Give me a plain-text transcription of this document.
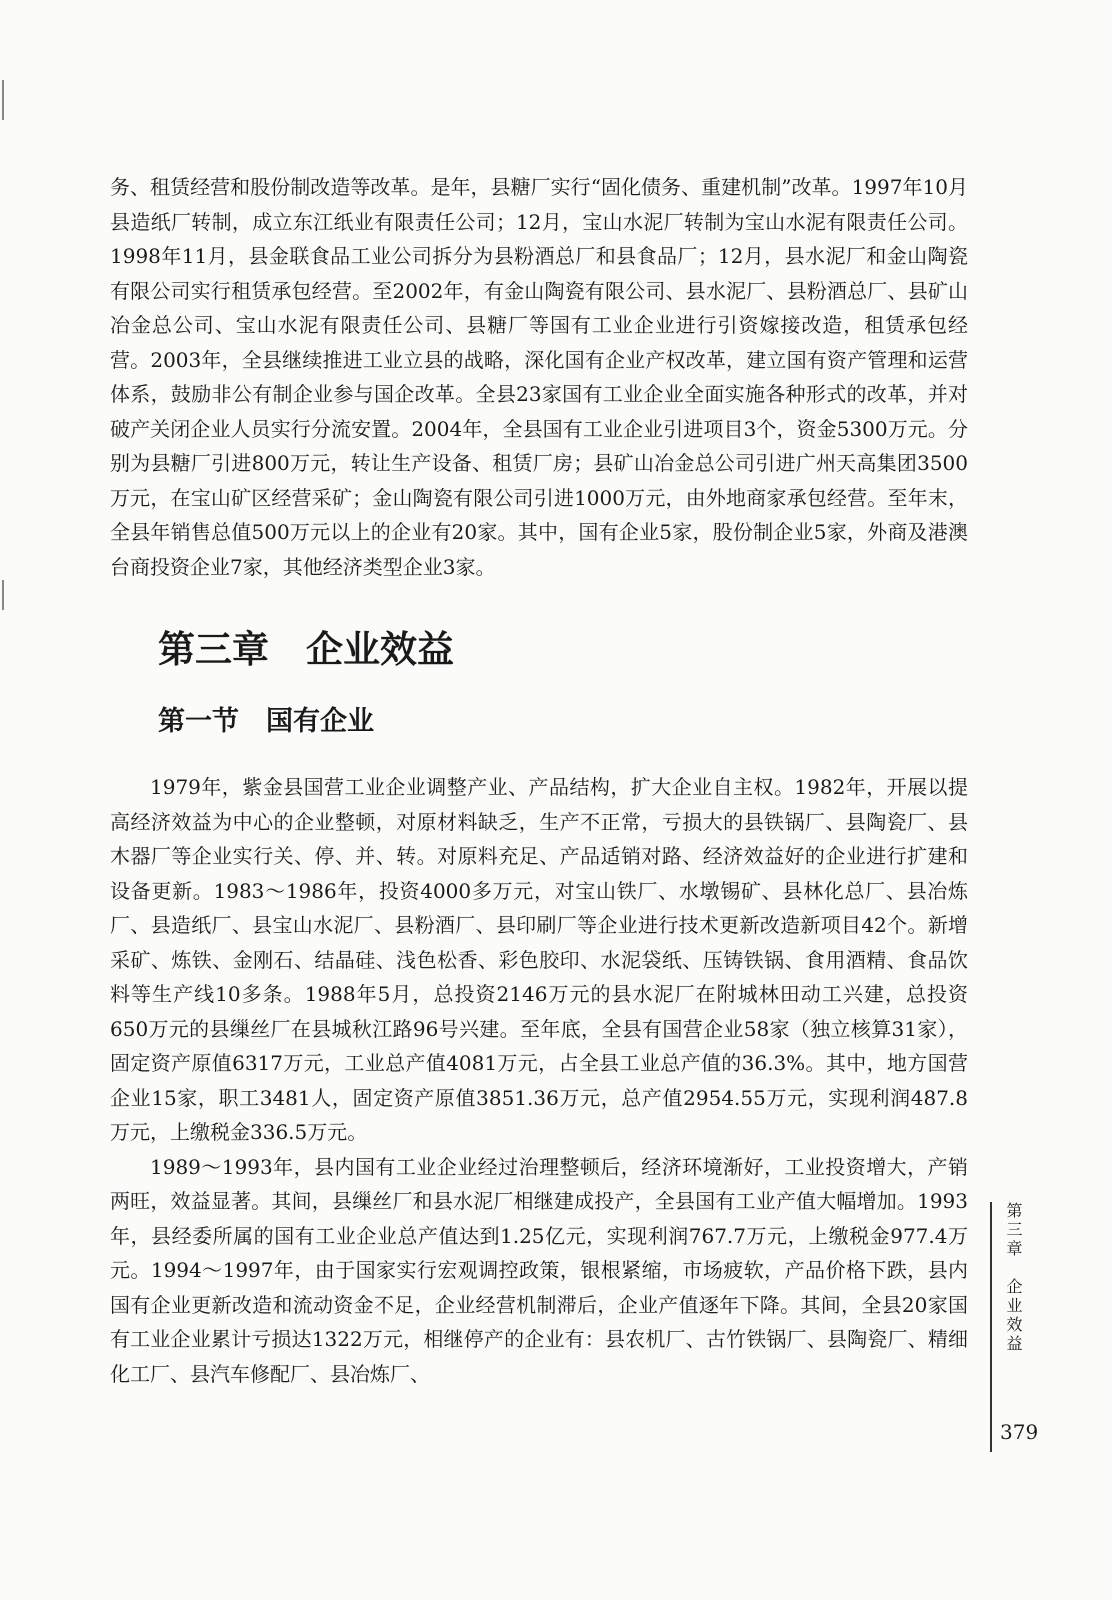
务、租赁经营和股份制改造等改革。是年，县糖厂实行“固化债务、重建机制”改革。1997年10月县造纸厂转制，成立东江纸业有限责任公司；12月，宝山水泥厂转制为宝山水泥有限责任公司。1998年11月，县金联食品工业公司拆分为县粉酒总厂和县食品厂；12月，县水泥厂和金山陶瓷有限公司实行租赁承包经营。至2002年，有金山陶瓷有限公司、县水泥厂、县粉酒总厂、县矿山冶金总公司、宝山水泥有限责任公司、县糖厂等国有工业企业进行引资嫁接改造，租赁承包经营。2003年，全县继续推进工业立县的战略，深化国有企业产权改革，建立国有资产管理和运营体系，鼓励非公有制企业参与国企改革。全县23家国有工业企业全面实施各种形式的改革，并对破产关闭企业人员实行分流安置。2004年，全县国有工业企业引进项目3个，资金5300万元。分别为县糖厂引进800万元，转让生产设备、租赁厂房；县矿山冶金总公司引进广州天高集团3500万元，在宝山矿区经营采矿；金山陶瓷有限公司引进1000万元，由外地商家承包经营。至年末，全县年销售总值500万元以上的企业有20家。其中，国有企业5家，股份制企业5家，外商及港澳台商投资企业7家，其他经济类型企业3家。

第三章　企业效益
第一节　国有企业

1979年，紫金县国营工业企业调整产业、产品结构，扩大企业自主权。1982年，开展以提高经济效益为中心的企业整顿，对原材料缺乏，生产不正常，亏损大的县铁锅厂、县陶瓷厂、县木器厂等企业实行关、停、并、转。对原料充足、产品适销对路、经济效益好的企业进行扩建和设备更新。1983～1986年，投资4000多万元，对宝山铁厂、水墩锡矿、县林化总厂、县冶炼厂、县造纸厂、县宝山水泥厂、县粉酒厂、县印刷厂等企业进行技术更新改造新项目42个。新增采矿、炼铁、金刚石、结晶硅、浅色松香、彩色胶印、水泥袋纸、压铸铁锅、食用酒精、食品饮料等生产线10多条。1988年5月，总投资2146万元的县水泥厂在附城林田动工兴建，总投资650万元的县缫丝厂在县城秋江路96号兴建。至年底，全县有国营企业58家（独立核算31家），固定资产原值6317万元，工业总产值4081万元，占全县工业总产值的36.3%。其中，地方国营企业15家，职工3481人，固定资产原值3851.36万元，总产值2954.55万元，实现利润487.8万元，上缴税金336.5万元。

1989～1993年，县内国有工业企业经过治理整顿后，经济环境渐好，工业投资增大，产销两旺，效益显著。其间，县缫丝厂和县水泥厂相继建成投产，全县国有工业产值大幅增加。1993年，县经委所属的国有工业企业总产值达到1.25亿元，实现利润767.7万元，上缴税金977.4万元。1994～1997年，由于国家实行宏观调控政策，银根紧缩，市场疲软，产品价格下跌，县内国有企业更新改造和流动资金不足，企业经营机制滞后，企业产值逐年下降。其间，全县20家国有工业企业累计亏损达1322万元，相继停产的企业有：县农机厂、古竹铁锅厂、县陶瓷厂、精细化工厂、县汽车修配厂、县冶炼厂、

第三章　企业效益
379
